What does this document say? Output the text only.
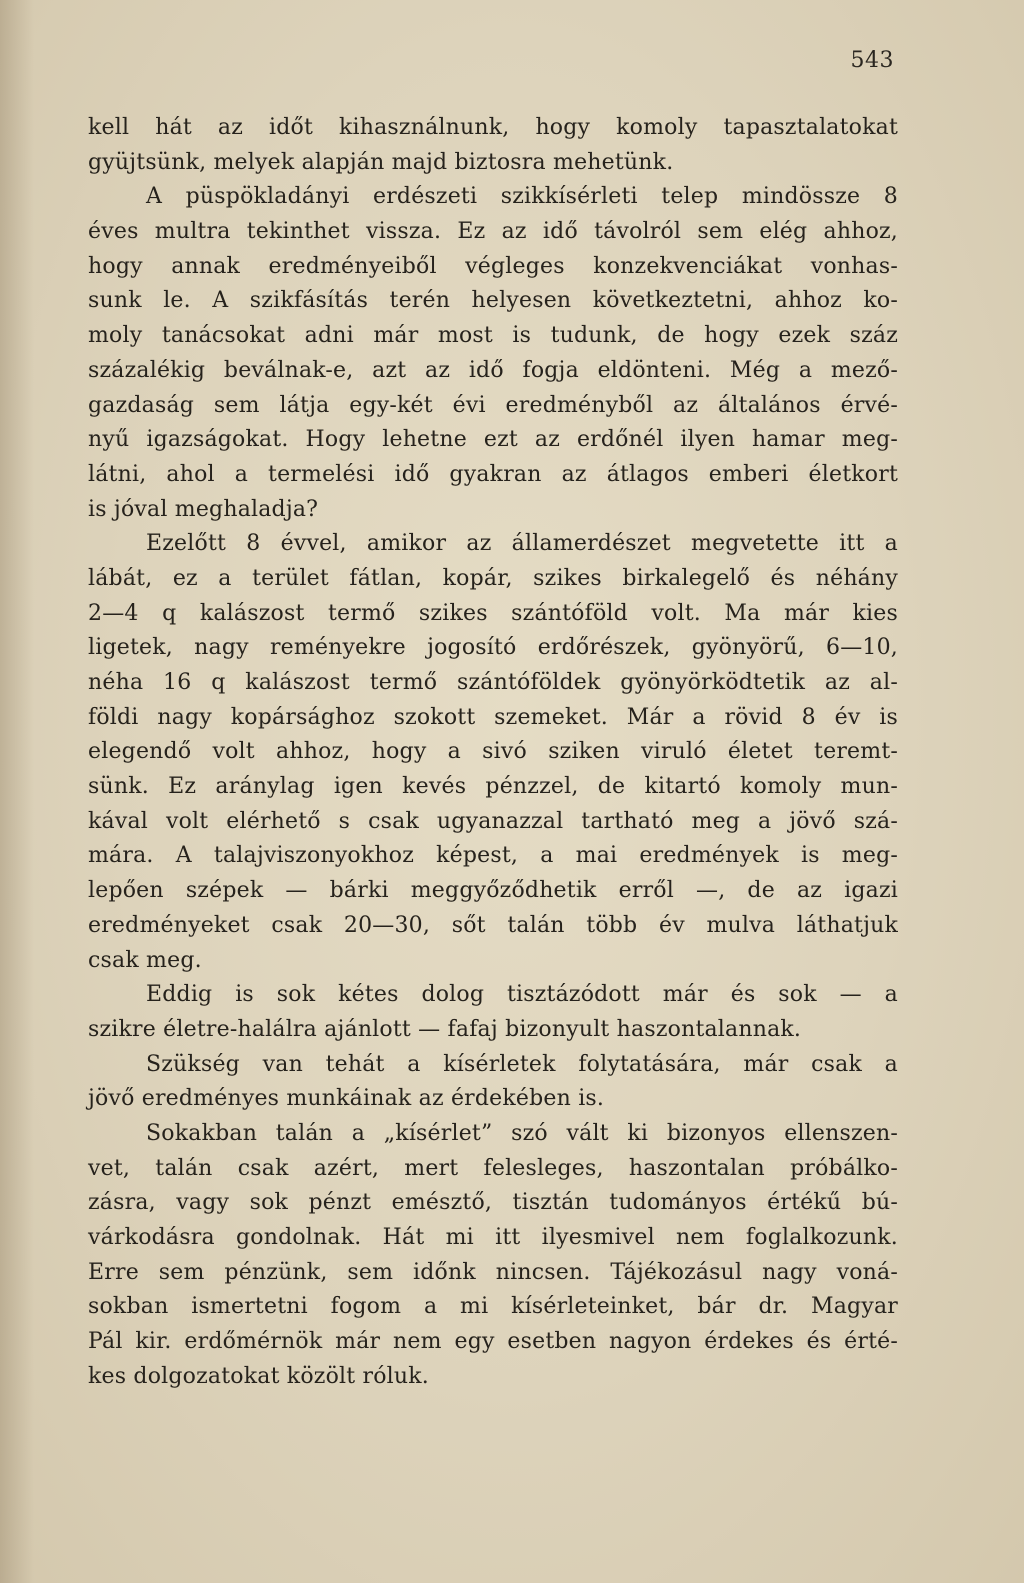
543
kell hát az időt kihasználnunk, hogy komoly tapasztalatokat
gyüjtsünk, melyek alapján majd biztosra mehetünk.
A püspökladányi erdészeti szikkísérleti telep mindössze 8
éves multra tekinthet vissza. Ez az idő távolról sem elég ahhoz,
hogy annak eredményeiből végleges konzekvenciákat vonhas-
sunk le. A szikfásítás terén helyesen következtetni, ahhoz ko-
moly tanácsokat adni már most is tudunk, de hogy ezek száz
százalékig beválnak-e, azt az idő fogja eldönteni. Még a mező-
gazdaság sem látja egy-két évi eredményből az általános érvé-
nyű igazságokat. Hogy lehetne ezt az erdőnél ilyen hamar meg-
látni, ahol a termelési idő gyakran az átlagos emberi életkort
is jóval meghaladja?
Ezelőtt 8 évvel, amikor az államerdészet megvetette itt a
lábát, ez a terület fátlan, kopár, szikes birkalegelő és néhány
2—4 q kalászost termő szikes szántóföld volt. Ma már kies
ligetek, nagy reményekre jogosító erdőrészek, gyönyörű, 6—10,
néha 16 q kalászost termő szántóföldek gyönyörködtetik az al-
földi nagy kopársághoz szokott szemeket. Már a rövid 8 év is
elegendő volt ahhoz, hogy a sivó sziken viruló életet teremt-
sünk. Ez aránylag igen kevés pénzzel, de kitartó komoly mun-
kával volt elérhető s csak ugyanazzal tartható meg a jövő szá-
mára. A talajviszonyokhoz képest, a mai eredmények is meg-
lepően szépek — bárki meggyőződhetik erről —, de az igazi
eredményeket csak 20—30, sőt talán több év mulva láthatjuk
csak meg.
Eddig is sok kétes dolog tisztázódott már és sok — a
szikre életre-halálra ajánlott — fafaj bizonyult haszontalannak.
Szükség van tehát a kísérletek folytatására, már csak a
jövő eredményes munkáinak az érdekében is.
Sokakban talán a „kísérlet” szó vált ki bizonyos ellenszen-
vet, talán csak azért, mert felesleges, haszontalan próbálko-
zásra, vagy sok pénzt emésztő, tisztán tudományos értékű bú-
várkodásra gondolnak. Hát mi itt ilyesmivel nem foglalkozunk.
Erre sem pénzünk, sem időnk nincsen. Tájékozásul nagy voná-
sokban ismertetni fogom a mi kísérleteinket, bár dr. Magyar
Pál kir. erdőmérnök már nem egy esetben nagyon érdekes és érté-
kes dolgozatokat közölt róluk.
